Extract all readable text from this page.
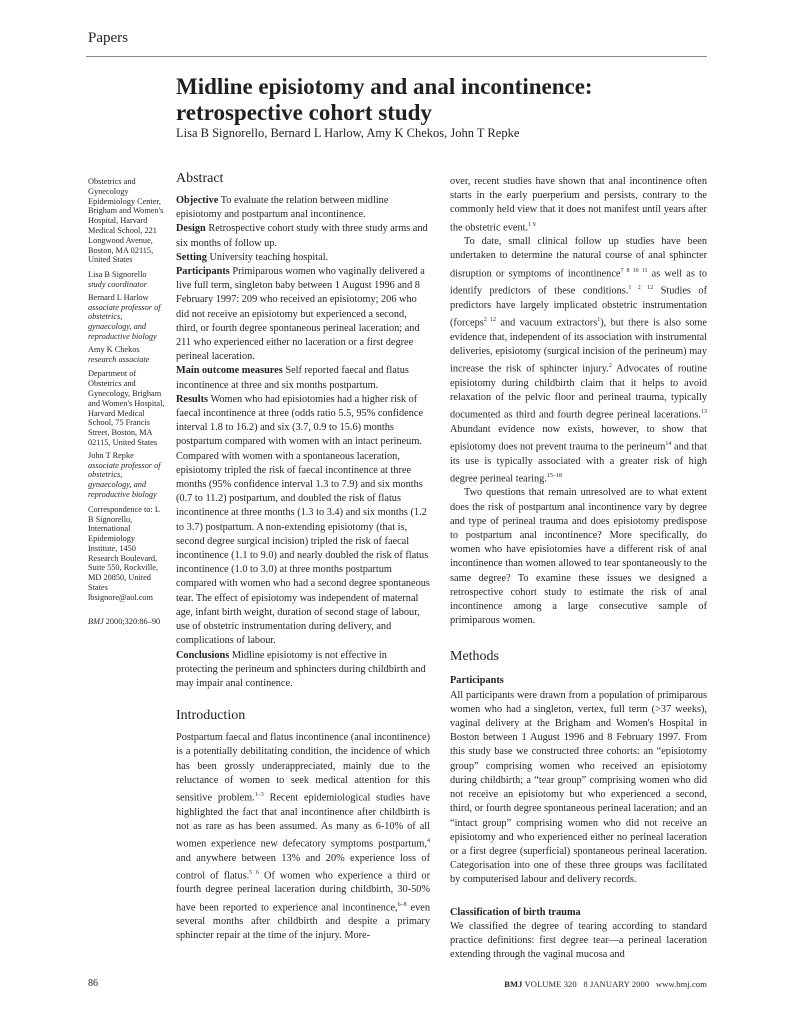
Papers
Midline episiotomy and anal incontinence:
retrospective cohort study
Lisa B Signorello, Bernard L Harlow, Amy K Chekos, John T Repke

Obstetrics and Gynecology Epidemiology Center, Brigham and Women's Hospital, Harvard Medical School, 221 Longwood Avenue, Boston, MA 02115, United States

Lisa B Signorello
study coordinator

Bernard L Harlow
associate professor of obstetrics, gynaecology, and reproductive biology

Amy K Chekos
research associate

Department of Obstetrics and Gynecology, Brigham and Women's Hospital, Harvard Medical School, 75 Francis Street, Boston, MA 02115, United States

John T Repke
associate professor of obstetrics, gynaecology, and reproductive biology

Correspondence to: L B Signorello, International Epidemiology Institute, 1450 Research Boulevard, Suite 550, Rockville, MD 20850, United States lbsignore@aol.com

BMJ 2000;320:86–90

Abstract

Objective To evaluate the relation between midline episiotomy and postpartum anal incontinence.

Design Retrospective cohort study with three study arms and six months of follow up.

Setting University teaching hospital.

Participants Primiparous women who vaginally delivered a live full term, singleton baby between 1 August 1996 and 8 February 1997: 209 who received an episiotomy; 206 who did not receive an episiotomy but experienced a second, third, or fourth degree spontaneous perineal laceration; and 211 who experienced either no laceration or a first degree perineal laceration.

Main outcome measures Self reported faecal and flatus incontinence at three and six months postpartum.

Results Women who had episiotomies had a higher risk of faecal incontinence at three (odds ratio 5.5, 95% confidence interval 1.8 to 16.2) and six (3.7, 0.9 to 15.6) months postpartum compared with women with an intact perineum. Compared with women with a spontaneous laceration, episiotomy tripled the risk of faecal incontinence at three months (95% confidence interval 1.3 to 7.9) and six months (0.7 to 11.2) postpartum, and doubled the risk of flatus incontinence at three months (1.3 to 3.4) and six months (1.2 to 3.7) postpartum. A non-extending episiotomy (that is, second degree surgical incision) tripled the risk of faecal incontinence (1.1 to 9.0) and nearly doubled the risk of flatus incontinence (1.0 to 3.0) at three months postpartum compared with women who had a second degree spontaneous tear. The effect of episiotomy was independent of maternal age, infant birth weight, duration of second stage of labour, use of obstetric instrumentation during delivery, and complications of labour.

Conclusions Midline episiotomy is not effective in protecting the perineum and sphincters during childbirth and may impair anal continence.

Introduction

Postpartum faecal and flatus incontinence (anal incontinence) is a potentially debilitating condition, the incidence of which has been grossly underappreciated, mainly due to the reluctance of women to seek medical attention for this sensitive problem.$^{1-3}$ Recent epidemiological studies have highlighted the fact that anal incontinence after childbirth is not as rare as has been assumed. As many as 6-10% of all women experience new defecatory symptoms postpartum,$^4$ and anywhere between 13% and 20% experience loss of control of flatus.$^{5 6}$ Of women who experience a third or fourth degree perineal laceration during childbirth, 30-50% have been reported to experience anal incontinence,$^{6-8}$ even several months after childbirth and despite a primary sphincter repair at the time of the injury. More-

over, recent studies have shown that anal incontinence often starts in the early puerperium and persists, contrary to the commonly held view that it does not manifest until years after the obstetric event.$^{1 9}$

To date, small clinical follow up studies have been undertaken to determine the natural course of anal sphincter disruption or symptoms of incontinence$^{7 8 10 11}$ as well as to identify predictors of these conditions.$^{1 2 12}$ Studies of predictors have largely implicated obstetric instrumentation (forceps$^{2 12}$ and vacuum extractors$^1$), but there is also some evidence that, independent of its association with instrumental deliveries, episiotomy (surgical incision of the perineum) may increase the risk of sphincter injury.$^2$ Advocates of routine episiotomy during childbirth claim that it helps to avoid relaxation of the pelvic floor and perineal trauma, typically documented as third and fourth degree perineal lacerations.$^{13}$ Abundant evidence now exists, however, to show that episiotomy does not prevent trauma to the perineum$^{14}$ and that its use is typically associated with a greater risk of high degree perineal tearing.$^{15-18}$

Two questions that remain unresolved are to what extent does the risk of postpartum anal incontinence vary by degree and type of perineal trauma and does episiotomy predispose to postpartum anal incontinence? More specifically, do women who have episiotomies have a different risk of anal incontinence than women allowed to tear spontaneously to the same degree? To examine these issues we designed a retrospective cohort study to estimate the risk of anal incontinence among a large consecutive sample of primiparous women.

Methods
Participants

All participants were drawn from a population of primiparous women who had a singleton, vertex, full term (>37 weeks), vaginal delivery at the Brigham and Women's Hospital in Boston between 1 August 1996 and 8 February 1997. From this study base we constructed three cohorts: an “episiotomy group” comprising women who received an episiotomy during childbirth; a “tear group” comprising women who did not receive an episiotomy but who experienced a second, third, or fourth degree spontaneous perineal laceration; and an “intact group” comprising women who did not receive an episiotomy and who experienced either no perineal laceration or a first degree (superficial) spontaneous perineal laceration. Categorisation into one of these three groups was facilitated by computerised labour and delivery records.

Classification of birth trauma

We classified the degree of tearing according to standard practice definitions: first degree tear—a perineal laceration extending through the vaginal mucosa and

86	BMJ VOLUME 320 8 JANUARY 2000 www.bmj.com
